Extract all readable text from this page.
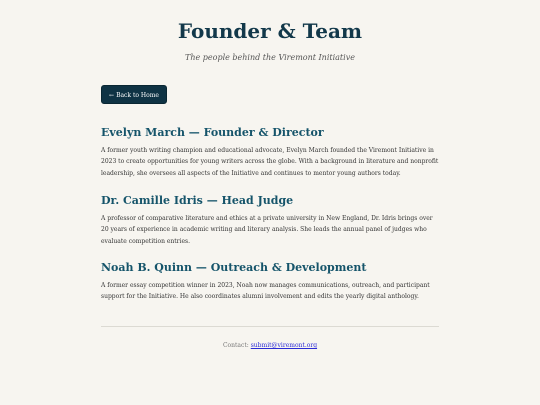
Founder & Team

The people behind the Viremont Initiative

← Back to Home
Evelyn March — Founder & Director

A former youth writing champion and educational advocate, Evelyn March founded the Viremont Initiative in 2023 to create opportunities for young writers across the globe. With a background in literature and nonprofit leadership, she oversees all aspects of the Initiative and continues to mentor young authors today.

Dr. Camille Idris — Head Judge

A professor of comparative literature and ethics at a private university in New England, Dr. Idris brings over 20 years of experience in academic writing and literary analysis. She leads the annual panel of judges who evaluate competition entries.

Noah B. Quinn — Outreach & Development

A former essay competition winner in 2023, Noah now manages communications, outreach, and participant support for the Initiative. He also coordinates alumni involvement and edits the yearly digital anthology.

Contact: submit@viremont.org
